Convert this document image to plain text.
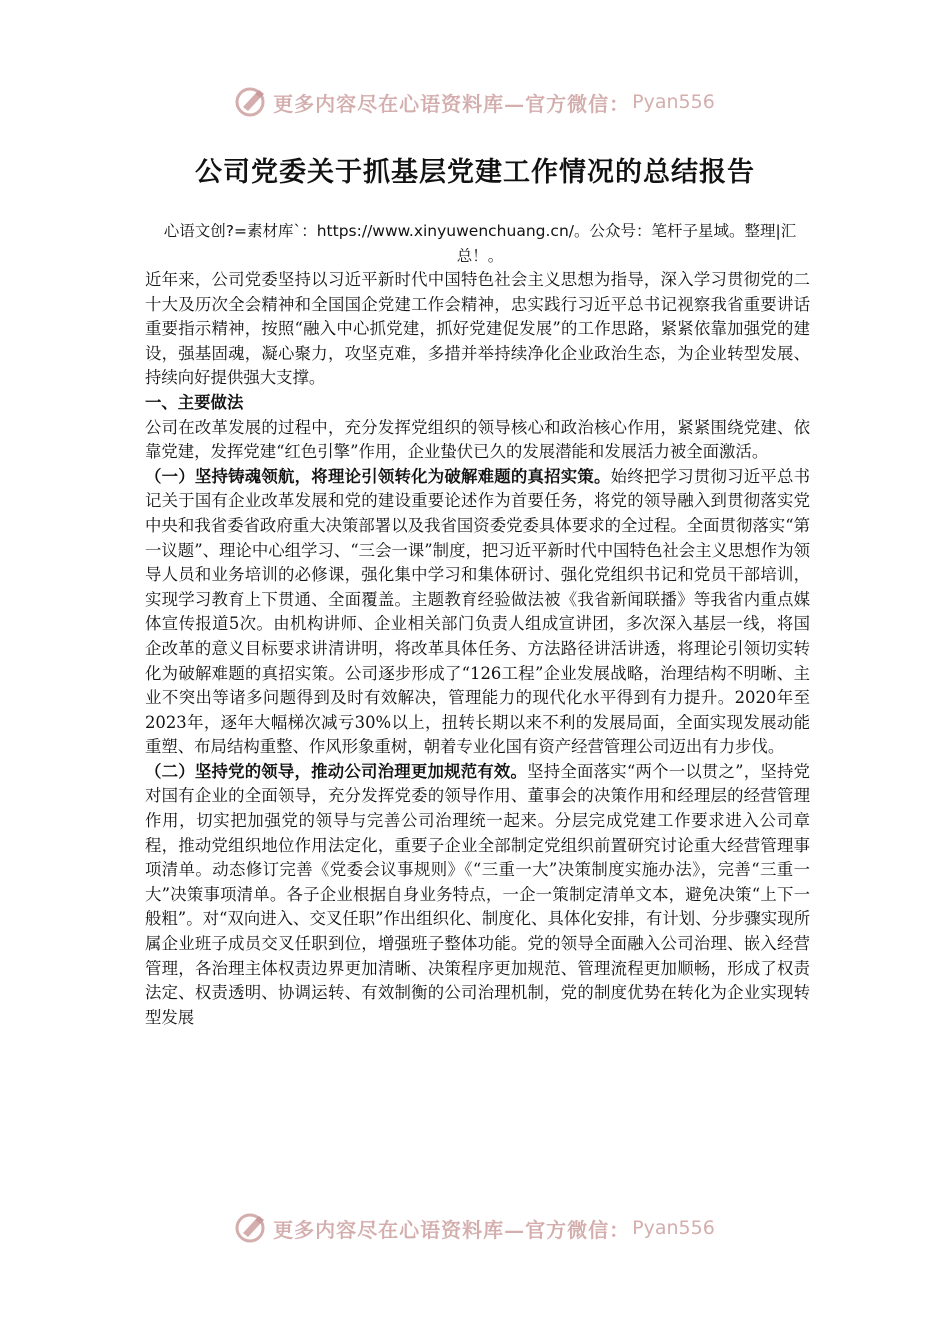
更多内容尽在心语资料库—官方微信： Pyan556
公司党委关于抓基层党建工作情况的总结报告

心语文创?=素材库`：https://www.xinyuwenchuang.cn/。公众号：笔杆子星域。整理|汇总！。

近年来，公司党委坚持以习近平新时代中国特色社会主义思想为指导，深入学习贯彻党的二十大及历次全会精神和全国国企党建工作会精神，忠实践行习近平总书记视察我省重要讲话重要指示精神，按照“融入中心抓党建，抓好党建促发展”的工作思路，紧紧依靠加强党的建设，强基固魂，凝心聚力，攻坚克难，多措并举持续净化企业政治生态，为企业转型发展、持续向好提供强大支撑。

一、主要做法

公司在改革发展的过程中，充分发挥党组织的领导核心和政治核心作用，紧紧围绕党建、依靠党建，发挥党建“红色引擎”作用，企业蛰伏已久的发展潜能和发展活力被全面激活。

（一）坚持铸魂领航，将理论引领转化为破解难题的真招实策。始终把学习贯彻习近平总书记关于国有企业改革发展和党的建设重要论述作为首要任务，将党的领导融入到贯彻落实党中央和我省委省政府重大决策部署以及我省国资委党委具体要求的全过程。全面贯彻落实“第一议题”、理论中心组学习、“三会一课”制度，把习近平新时代中国特色社会主义思想作为领导人员和业务培训的必修课，强化集中学习和集体研讨、强化党组织书记和党员干部培训，实现学习教育上下贯通、全面覆盖。主题教育经验做法被《我省新闻联播》等我省内重点媒体宣传报道5次。由机构讲师、企业相关部门负责人组成宣讲团，多次深入基层一线，将国企改革的意义目标要求讲清讲明，将改革具体任务、方法路径讲活讲透，将理论引领切实转化为破解难题的真招实策。公司逐步形成了“126工程”企业发展战略，治理结构不明晰、主业不突出等诸多问题得到及时有效解决，管理能力的现代化水平得到有力提升。2020年至2023年，逐年大幅梯次减亏30%以上，扭转长期以来不利的发展局面，全面实现发展动能重塑、布局结构重整、作风形象重树，朝着专业化国有资产经营管理公司迈出有力步伐。

（二）坚持党的领导，推动公司治理更加规范有效。坚持全面落实“两个一以贯之”，坚持党对国有企业的全面领导，充分发挥党委的领导作用、董事会的决策作用和经理层的经营管理作用，切实把加强党的领导与完善公司治理统一起来。分层完成党建工作要求进入公司章程，推动党组织地位作用法定化，重要子企业全部制定党组织前置研究讨论重大经营管理事项清单。动态修订完善《党委会议事规则》《“三重一大”决策制度实施办法》，完善“三重一大”决策事项清单。各子企业根据自身业务特点，一企一策制定清单文本，避免决策“上下一般粗”。对“双向进入、交叉任职”作出组织化、制度化、具体化安排，有计划、分步骤实现所属企业班子成员交叉任职到位，增强班子整体功能。党的领导全面融入公司治理、嵌入经营管理，各治理主体权责边界更加清晰、决策程序更加规范、管理流程更加顺畅，形成了权责法定、权责透明、协调运转、有效制衡的公司治理机制，党的制度优势在转化为企业实现转型发展

更多内容尽在心语资料库—官方微信： Pyan556
